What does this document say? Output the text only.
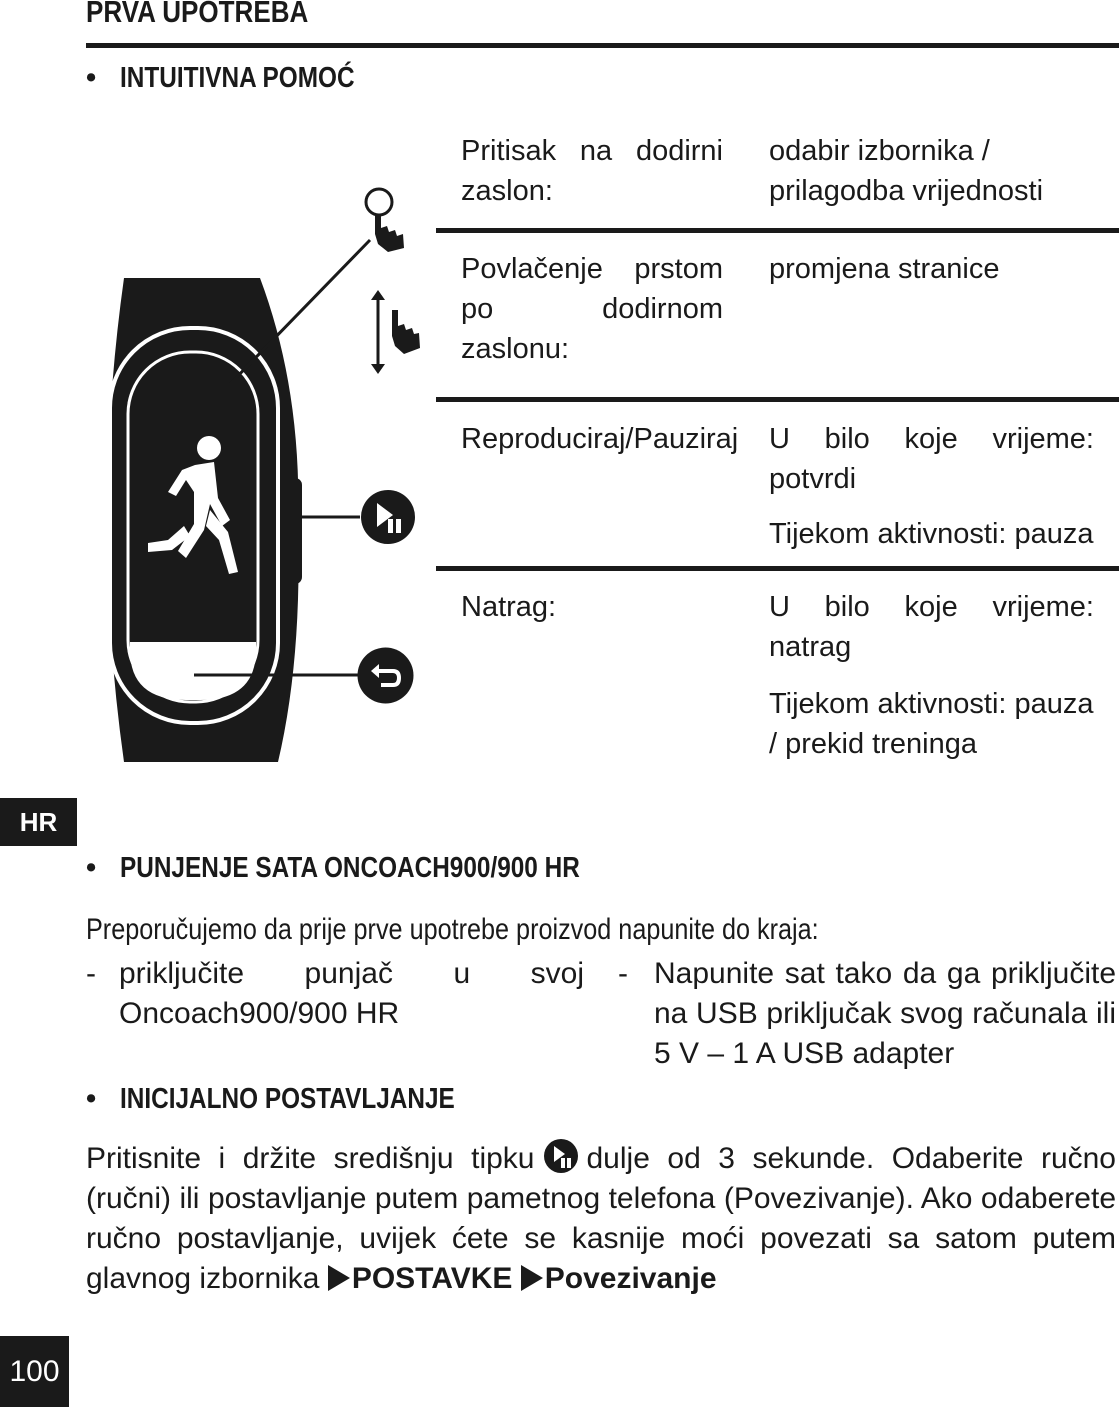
PRVA UPOTREBA
• INTUITIVNA POMOĆ
Pritisak na dodirni zaslon:
odabir izbornika / prilagodba vrijednosti
Povlačenje prstom po dodirnom zaslonu:
promjena stranice
Reproduciraj/Pauziraj U bilo koje vrijeme: potvrdi
Tijekom aktivnosti: pauza
Natrag:	U bilo koje vrijeme: natrag
Tijekom aktivnosti: pauza / prekid treninga
HR
• PUNJENJE SATA ONCOACH900/900 HR
Preporučujemo da prije prve upotrebe proizvod napunite do kraja:
- priključite punjač u svoj Oncoach900/900 HR
- Napunite sat tako da ga priključite na USB priključak svog računala ili 5 V – 1 A USB adapter
• INICIJALNO POSTAVLJANJE
Pritisnite i držite središnju tipku dulje od 3 sekunde. Odaberite ručno (ručni) ili postavljanje putem pametnog telefona (Povezivanje). Ako odaberete ručno postavljanje, uvijek ćete se kasnije moći povezati sa satom putem glavnog izbornika POSTAVKE Povezivanje
100
